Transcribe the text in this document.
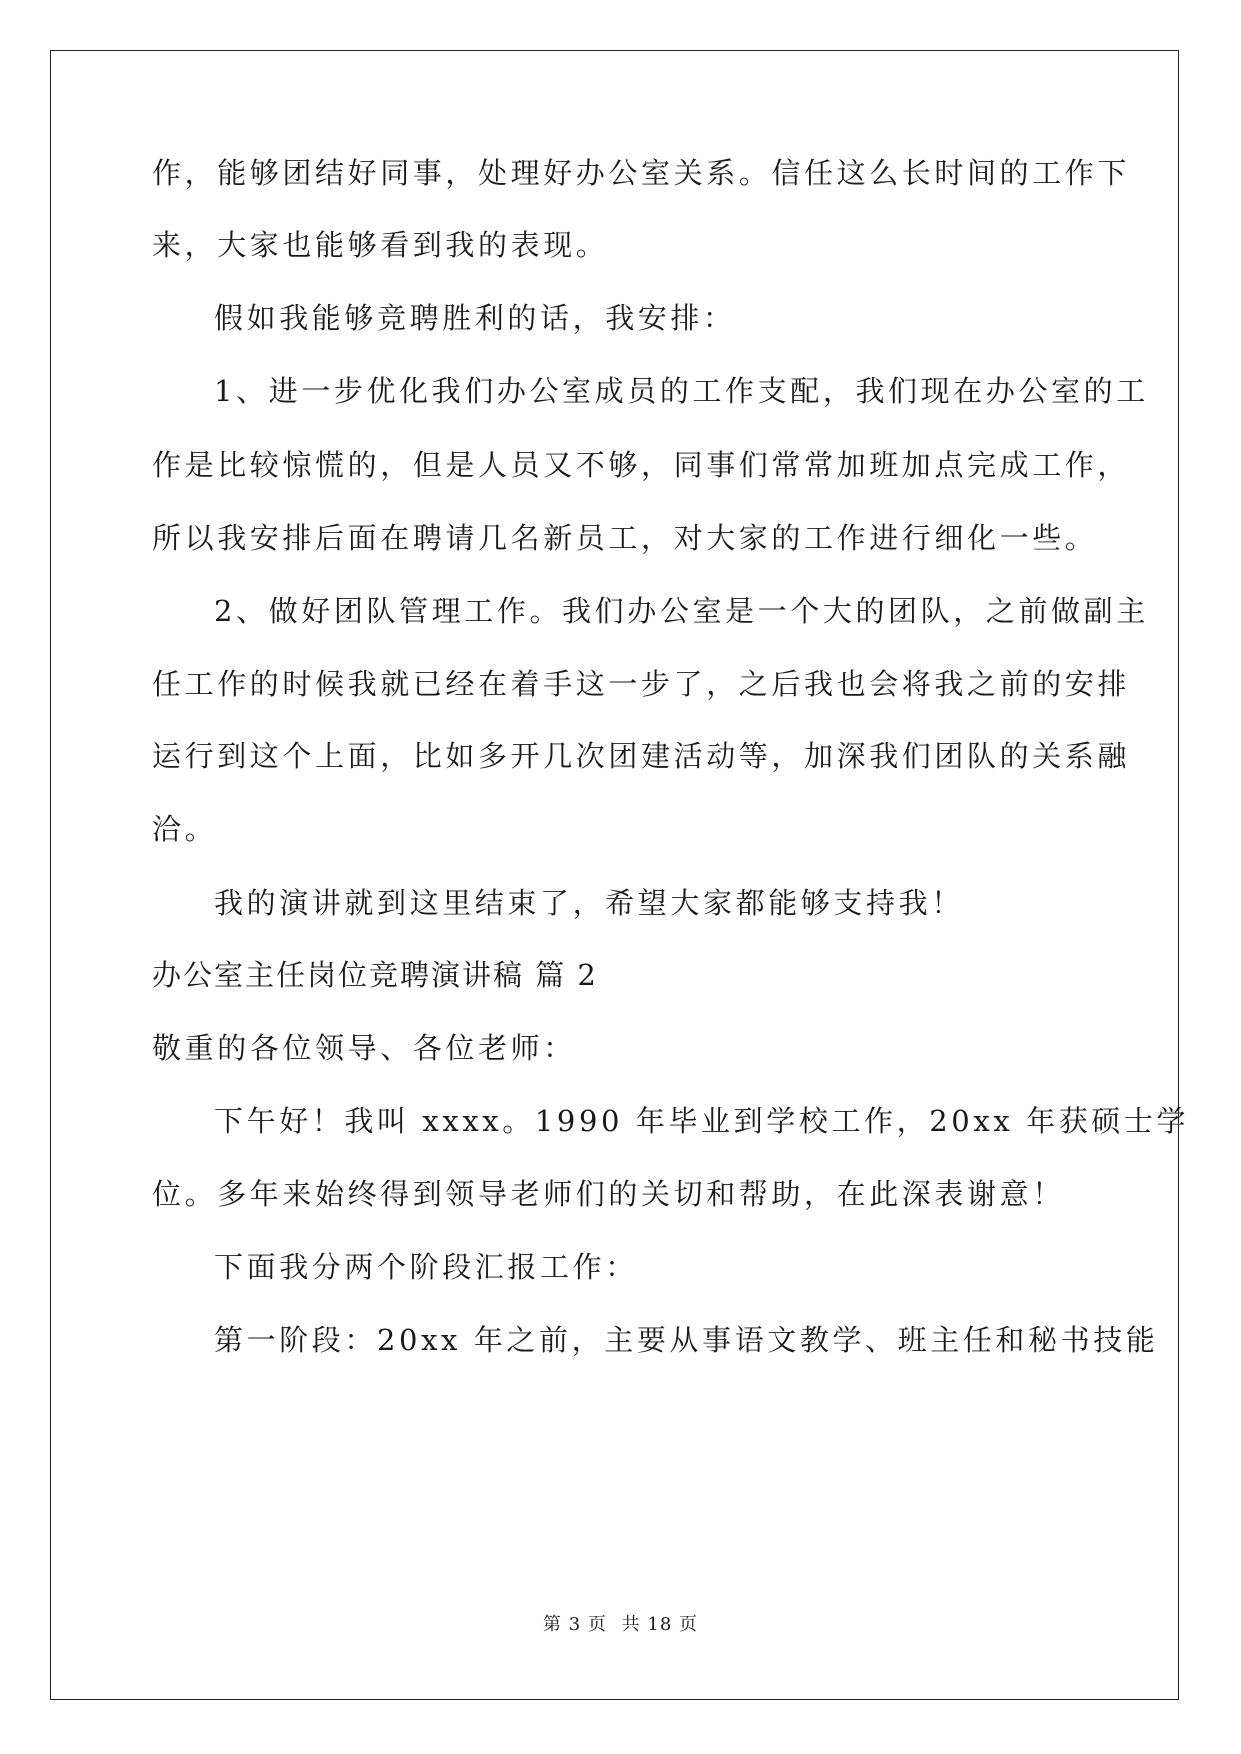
作，能够团结好同事，处理好办公室关系。信任这么长时间的工作下
来，大家也能够看到我的表现。
假如我能够竞聘胜利的话，我安排：
1、进一步优化我们办公室成员的工作支配，我们现在办公室的工
作是比较惊慌的，但是人员又不够，同事们常常加班加点完成工作，
所以我安排后面在聘请几名新员工，对大家的工作进行细化一些。
2、做好团队管理工作。我们办公室是一个大的团队，之前做副主
任工作的时候我就已经在着手这一步了，之后我也会将我之前的安排
运行到这个上面，比如多开几次团建活动等，加深我们团队的关系融
洽。
我的演讲就到这里结束了，希望大家都能够支持我！
办公室主任岗位竞聘演讲稿 篇 2
敬重的各位领导、各位老师：
下午好！我叫 xxxx。1990 年毕业到学校工作，20xx 年获硕士学
位。多年来始终得到领导老师们的关切和帮助，在此深表谢意！
下面我分两个阶段汇报工作：
第一阶段：20xx 年之前，主要从事语文教学、班主任和秘书技能
第 3 页 共 18 页
